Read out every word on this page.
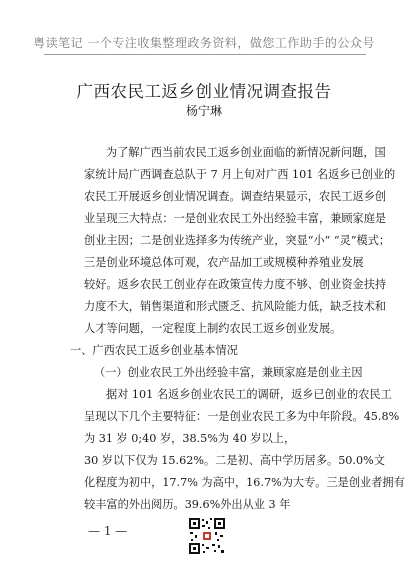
粤读笔记 一个专注收集整理政务资料，做您工作助手的公众号
广西农民工返乡创业情况调查报告
杨宁琳
为了解广西当前农民工返乡创业面临的新情况新问题，国
家统计局广西调查总队于 7 月上旬对广西 101 名返乡已创业的
农民工开展返乡创业情况调查。调查结果显示，农民工返乡创
业呈现三大特点：一是创业农民工外出经验丰富，兼顾家庭是
创业主因；二是创业选择多为传统产业，突显“小” “灵”模式；
三是创业环境总体可观，农产品加工或规模种养殖业发展
较好。返乡农民工创业存在政策宣传力度不够、创业资金扶持
力度不大，销售渠道和形式匮乏、抗风险能力低，缺乏技术和
人才等问题，一定程度上制约农民工返乡创业发展。
一、广西农民工返乡创业基本情况
（一）创业农民工外出经验丰富，兼顾家庭是创业主因
据对 101 名返乡创业农民工的调研，返乡已创业的农民工
呈现以下几个主要特征：一是创业农民工多为中年阶段。45.8%
为 31 岁 0;40 岁，38.5%为 40 岁以上，
30 岁以下仅为 15.62%。二是初、高中学历居多。50.0%文
化程度为初中，17.7% 为高中，16.7%为大专。三是创业者拥有
较丰富的外出阅历。39.6%外出从业 3 年
— 1 —
